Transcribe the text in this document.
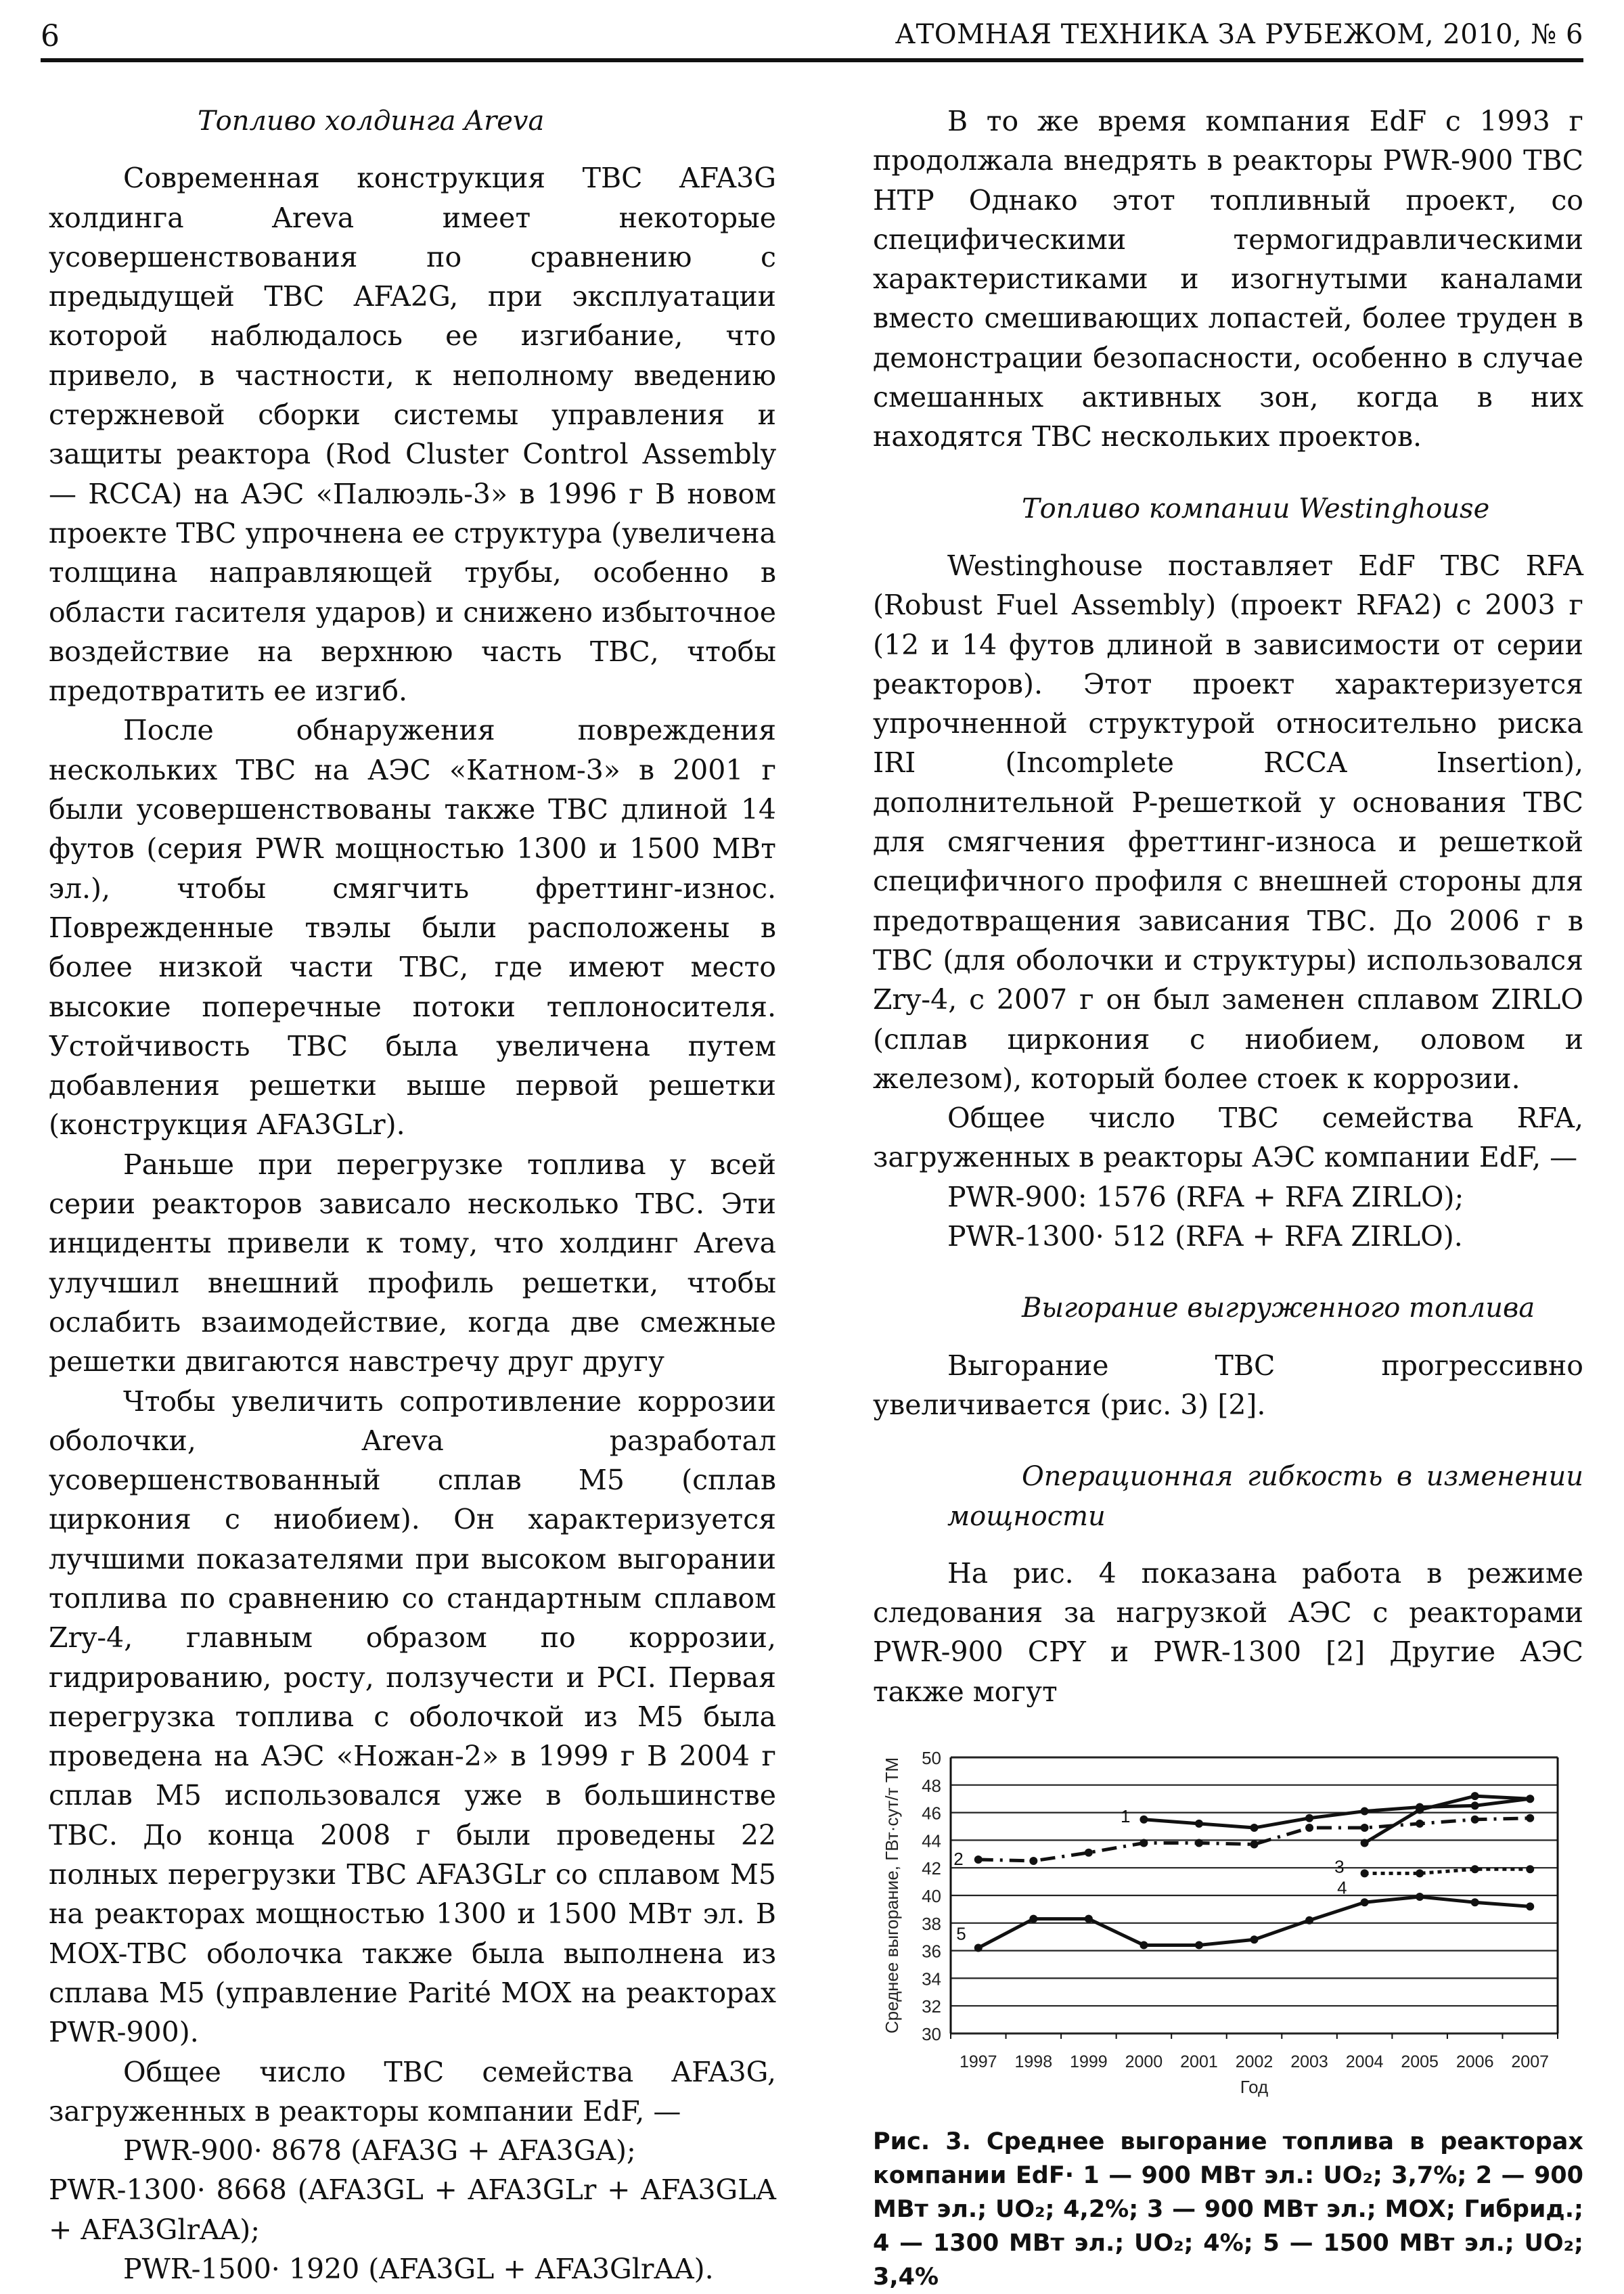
6	АТОМНАЯ ТЕХНИКА ЗА РУБЕЖОМ, 2010, № 6

Топливо холдинга Areva

Современная конструкция ТВС AFA3G холдинга Areva имеет некоторые усовершенствования по сравнению с предыдущей ТВС AFA2G, при эксплуатации которой наблюдалось ее изгибание, что привело, в частности, к неполному введению стержневой сборки системы управления и защиты реактора (Rod Cluster Control Assembly — RCCA) на АЭС «Палюэль-3» в 1996 г В новом проекте ТВС упрочнена ее структура (увеличена толщина направляющей трубы, особенно в области гасителя ударов) и снижено избыточное воздействие на верхнюю часть ТВС, чтобы предотвратить ее изгиб.

После обнаружения повреждения нескольких ТВС на АЭС «Катном-3» в 2001 г были усовершенствованы также ТВС длиной 14 футов (серия PWR мощностью 1300 и 1500 МВт эл.), чтобы смягчить фреттинг-износ. Поврежденные твэлы были расположены в более низкой части ТВС, где имеют место высокие поперечные потоки теплоносителя. Устойчивость ТВС была увеличена путем добавления решетки выше первой решетки (конструкция AFA3GLr).

Раньше при перегрузке топлива у всей серии реакторов зависало несколько ТВС. Эти инциденты привели к тому, что холдинг Areva улучшил внешний профиль решетки, чтобы ослабить взаимодействие, когда две смежные решетки двигаются навстречу друг другу

Чтобы увеличить сопротивление коррозии оболочки, Areva разработал усовершенствованный сплав M5 (сплав циркония с ниобием). Он характеризуется лучшими показателями при высоком выгорании топлива по сравнению со стандартным сплавом Zry-4, главным образом по коррозии, гидрированию, росту, ползучести и PCI. Первая перегрузка топлива с оболочкой из M5 была проведена на АЭС «Ножан-2» в 1999 г В 2004 г сплав M5 использовался уже в большинстве ТВС. До конца 2008 г были проведены 22 полных перегрузки ТВС AFA3GLr со сплавом M5 на реакторах мощностью 1300 и 1500 МВт эл. В MOX-ТВС оболочка также была выполнена из сплава M5 (управление Parité MOX на реакторах PWR-900).

Общее число ТВС семейства AFA3G, загруженных в реакторы компании EdF, —

PWR-900· 8678 (AFA3G + AFA3GA);

PWR-1300· 8668 (AFA3GL + AFA3GLr + AFA3GLA + AFA3GlrAA);

PWR-1500· 1920 (AFA3GL + AFA3GlrAA).

В то же время компания EdF с 1993 г продолжала внедрять в реакторы PWR-900 ТВС HTP Однако этот топливный проект, со специфическими термогидравлическими характеристиками и изогнутыми каналами вместо смешивающих лопастей, более труден в демонстрации безопасности, особенно в случае смешанных активных зон, когда в них находятся ТВС нескольких проектов.

Топливо компании Westinghouse

Westinghouse поставляет EdF ТВС RFA (Robust Fuel Assembly) (проект RFA2) с 2003 г (12 и 14 футов длиной в зависимости от серии реакторов). Этот проект характеризуется упрочненной структурой относительно риска IRI (Incomplete RCCA Insertion), дополнительной P-решеткой у основания ТВС для смягчения фреттинг-износа и решеткой специфичного профиля с внешней стороны для предотвращения зависания ТВС. До 2006 г в ТВС (для оболочки и структуры) использовался Zry-4, с 2007 г он был заменен сплавом ZIRLO (сплав циркония с ниобием, оловом и железом), который более стоек к коррозии.

Общее число ТВС семейства RFA, загруженных в реакторы АЭС компании EdF, —

PWR-900: 1576 (RFA + RFA ZIRLO);

PWR-1300· 512 (RFA + RFA ZIRLO).

Выгорание выгруженного топлива

Выгорание ТВС прогрессивно увеличивается (рис. 3) [2].

Операционная гибкость в изменении мощности

На рис. 4 показана работа в режиме следования за нагрузкой АЭС с реакторами PWR-900 CPY и PWR-1300 [2] Другие АЭС также могут

30
32
34
36
38
40
42
44
46
48
50
1997 1998 1999 2000 2001 2002 2003 2004 2005 2006 2007
Год
Среднее выгорание, ГВт·сут/т ТМ	1
2	3
4
5
Рис. 3. Среднее выгорание топлива в реакторах компании EdF· 1 — 900 МВт эл.: UO₂; 3,7%; 2 — 900 МВт эл.; UO₂; 4,2%; 3 — 900 МВт эл.; MOX; Гибрид.; 4 — 1300 МВт эл.; UO₂; 4%; 5 — 1500 МВт эл.; UO₂; 3,4%
